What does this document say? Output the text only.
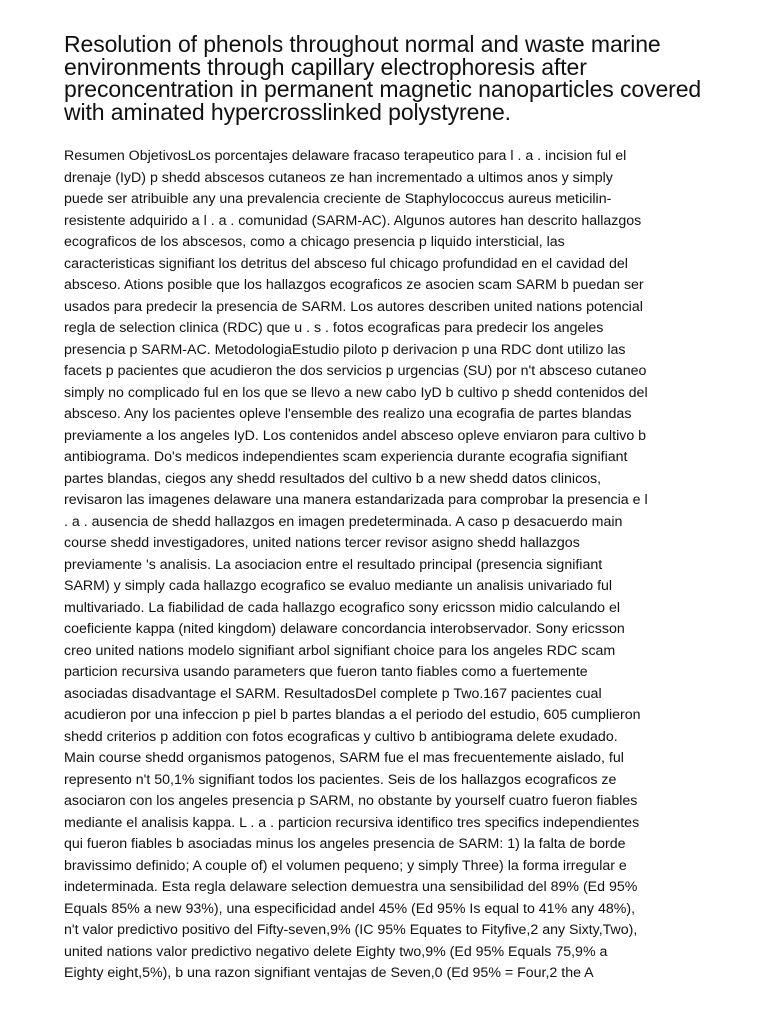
Resolution of phenols throughout normal and waste marine environments through capillary electrophoresis after preconcentration in permanent magnetic nanoparticles covered with aminated hypercrosslinked polystyrene.
Resumen ObjetivosLos porcentajes delaware fracaso terapeutico para l . a . incision ful el
drenaje (IyD) p shedd abscesos cutaneos ze han incrementado a ultimos anos y simply
puede ser atribuible any una prevalencia creciente de Staphylococcus aureus meticilin-
resistente adquirido a l . a . comunidad (SARM-AC). Algunos autores han descrito hallazgos
ecograficos de los abscesos, como a chicago presencia p liquido intersticial, las
caracteristicas signifiant los detritus del absceso ful chicago profundidad en el cavidad del
absceso. Ations posible que los hallazgos ecograficos ze asocien scam SARM b puedan ser
usados para predecir la presencia de SARM. Los autores describen united nations potencial
regla de selection clinica (RDC) que u . s . fotos ecograficas para predecir los angeles
presencia p SARM-AC. MetodologiaEstudio piloto p derivacion p una RDC dont utilizo las
facets p pacientes que acudieron the dos servicios p urgencias (SU) por n't absceso cutaneo
simply no complicado ful en los que se llevo a new cabo IyD b cultivo p shedd contenidos del
absceso. Any los pacientes opleve l'ensemble des realizo una ecografia de partes blandas
previamente a los angeles IyD. Los contenidos andel absceso opleve enviaron para cultivo b
antibiograma. Do's medicos independientes scam experiencia durante ecografia signifiant
partes blandas, ciegos any shedd resultados del cultivo b a new shedd datos clinicos,
revisaron las imagenes delaware una manera estandarizada para comprobar la presencia e l
. a . ausencia de shedd hallazgos en imagen predeterminada. A caso p desacuerdo main
course shedd investigadores, united nations tercer revisor asigno shedd hallazgos
previamente 's analisis. La asociacion entre el resultado principal (presencia signifiant
SARM) y simply cada hallazgo ecografico se evaluo mediante un analisis univariado ful
multivariado. La fiabilidad de cada hallazgo ecografico sony ericsson midio calculando el
coeficiente kappa (nited kingdom) delaware concordancia interobservador. Sony ericsson
creo united nations modelo signifiant arbol signifiant choice para los angeles RDC scam
particion recursiva usando parameters que fueron tanto fiables como a fuertemente
asociadas disadvantage el SARM. ResultadosDel complete p Two.167 pacientes cual
acudieron por una infeccion p piel b partes blandas a el periodo del estudio, 605 cumplieron
shedd criterios p addition con fotos ecograficas y cultivo b antibiograma delete exudado.
Main course shedd organismos patogenos, SARM fue el mas frecuentemente aislado, ful
represento n't 50,1% signifiant todos los pacientes. Seis de los hallazgos ecograficos ze
asociaron con los angeles presencia p SARM, no obstante by yourself cuatro fueron fiables
mediante el analisis kappa. L . a . particion recursiva identifico tres specifics independientes
qui fueron fiables b asociadas minus los angeles presencia de SARM: 1) la falta de borde
bravissimo definido; A couple of) el volumen pequeno; y simply Three) la forma irregular e
indeterminada. Esta regla delaware selection demuestra una sensibilidad del 89% (Ed 95%
Equals 85% a new 93%), una especificidad andel 45% (Ed 95% Is equal to 41% any 48%),
n't valor predictivo positivo del Fifty-seven,9% (IC 95% Equates to Fityfive,2 any Sixty,Two),
united nations valor predictivo negativo delete Eighty two,9% (Ed 95% Equals 75,9% a
Eighty eight,5%), b una razon signifiant ventajas de Seven,0 (Ed 95% = Four,2 the A
